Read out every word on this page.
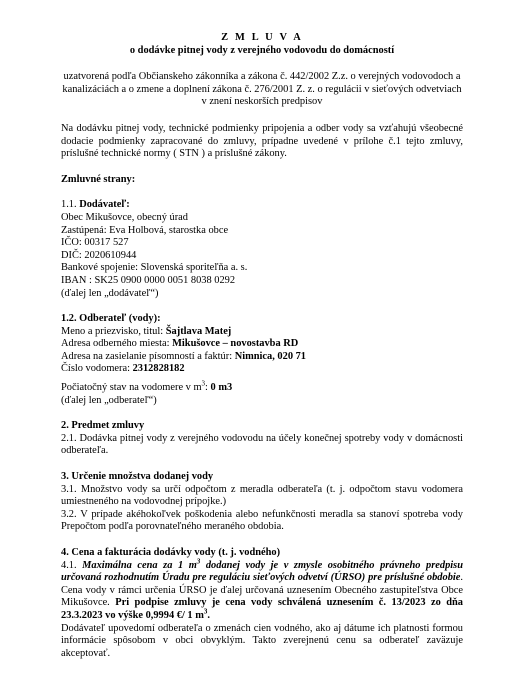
Z M L U V A

o dodávke pitnej vody z verejného vodovodu do domácností

uzatvorená podľa Občianskeho zákonníka a zákona č. 442/2002 Z.z. o verejných vodovodoch a kanalizáciách a o zmene a doplnení zákona č. 276/2001 Z. z. o regulácii v sieťových odvetviach v znení neskorších predpisov

Na dodávku pitnej vody, technické podmienky pripojenia a odber vody sa vzťahujú všeobecné dodacie podmienky zapracované do zmluvy, prípadne uvedené v prílohe č.1 tejto zmluvy, príslušné technické normy ( STN ) a príslušné zákony.

Zmluvné strany:

1.1. Dodávateľ:

Obec Mikušovce, obecný úrad

Zastúpená: Eva Holbová, starostka obce

IČO: 00317 527

DIČ: 2020610944

Bankové spojenie: Slovenská sporiteľňa a. s.

IBAN : SK25 0900 0000 0051 8038 0292

(ďalej len „dodávateľ“)

1.2. Odberateľ (vody):

Meno a priezvisko, titul: Šajtlava Matej

Adresa odberného miesta: Mikušovce – novostavba RD

Adresa na zasielanie písomností a faktúr: Nimnica, 020 71

Číslo vodomera: 2312828182

Počiatočný stav na vodomere v $m^3$: 0 m3

(ďalej len „odberateľ“)

2. Predmet zmluvy

2.1. Dodávka pitnej vody z verejného vodovodu na účely konečnej spotreby vody v domácnosti odberateľa.

3. Určenie množstva dodanej vody

3.1. Množstvo vody sa určí odpočtom z meradla odberateľa (t. j. odpočtom stavu vodomera umiestneného na vodovodnej prípojke.)

3.2. V prípade akéhokoľvek poškodenia alebo nefunkčnosti meradla sa stanoví spotreba vody Prepočtom podľa porovnateľného meraného obdobia.

4. Cena a fakturácia dodávky vody (t. j. vodného)

4.1. Maximálna cena za 1 $m^3$ dodanej vody je v zmysle osobitného právneho predpisu určovaná rozhodnutím Úradu pre reguláciu sieťových odvetví (ÚRSO) pre príslušné obdobie. Cena vody v rámci určenia ÚRSO je ďalej určovaná uznesením Obecného zastupiteľstva Obce Mikušovce. Pri podpise zmluvy je cena vody schválená uznesením č. 13/2023 zo dňa 23.3.2023 vo výške 0,9994 €/ 1 $m^3$.

Dodávateľ upovedomí odberateľa o zmenách cien vodného, ako aj dátume ich platnosti formou informácie spôsobom v obci obvyklým. Takto zverejnenú cenu sa odberateľ zaväzuje akceptovať.
